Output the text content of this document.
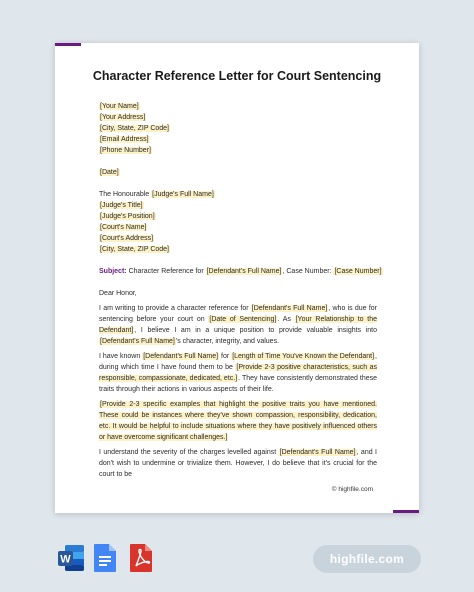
Character Reference Letter for Court Sentencing
[Your Name]
[Your Address]
[City, State, ZIP Code]
[Email Address]
[Phone Number]
[Date]
The Honourable [Judge's Full Name]
[Judge's Title]
[Judge's Position]
[Court's Name]
[Court's Address]
[City, State, ZIP Code]
Subject: Character Reference for [Defendant's Full Name], Case Number: [Case Number]
Dear Honor,
I am writing to provide a character reference for [Defendant's Full Name], who is due for sentencing before your court on [Date of Sentencing]. As [Your Relationship to the Defendant], I believe I am in a unique position to provide valuable insights into [Defendant's Full Name]'s character, integrity, and values.
I have known [Defendant's Full Name] for [Length of Time You've Known the Defendant], during which time I have found them to be [Provide 2-3 positive characteristics, such as responsible, compassionate, dedicated, etc.]. They have consistently demonstrated these traits through their actions in various aspects of their life.
[Provide 2-3 specific examples that highlight the positive traits you have mentioned. These could be instances where they've shown compassion, responsibility, dedication, etc. It would be helpful to include situations where they have positively influenced others or have overcome significant challenges.]
I understand the severity of the charges levelled against [Defendant's Full Name], and I don't wish to undermine or trivialize them. However, I do believe that it's crucial for the court to be
© highfile.com
W	highfile.com
